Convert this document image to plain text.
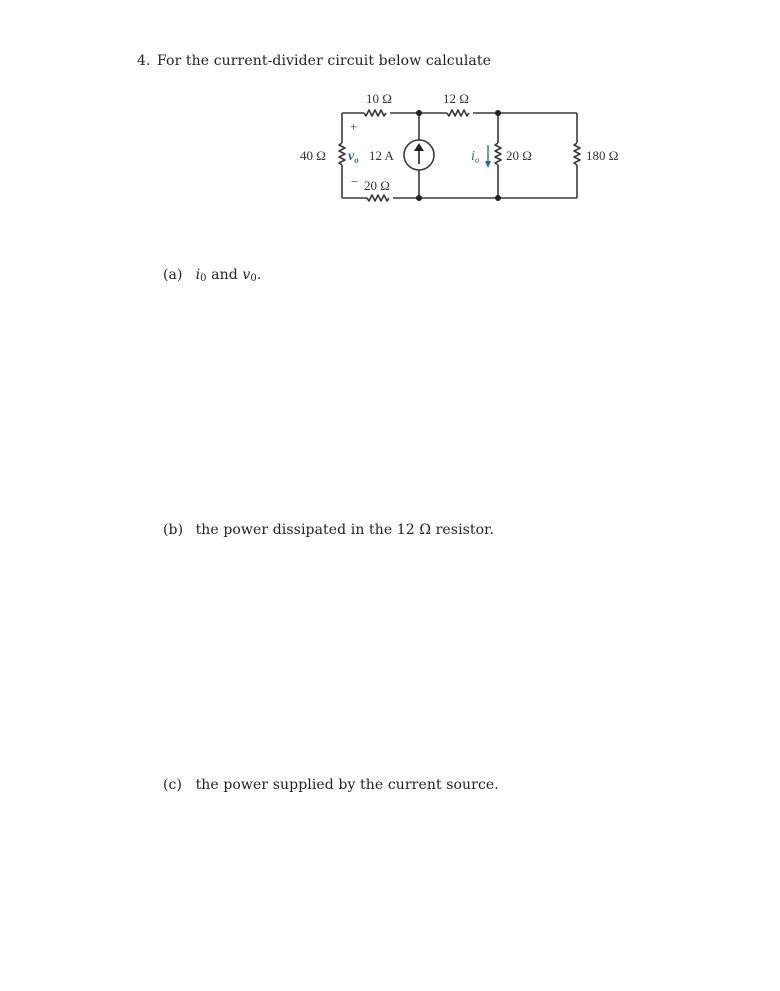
4. For the current-divider circuit below calculate
10 Ω	12 Ω
+
40 Ω $v_o$ 12 A
− 20 Ω
$i_o$ 20 Ω	180 Ω
(a) $i_0$ and $v_0$.
(b) the power dissipated in the 12 Ω resistor.
(c) the power supplied by the current source.
